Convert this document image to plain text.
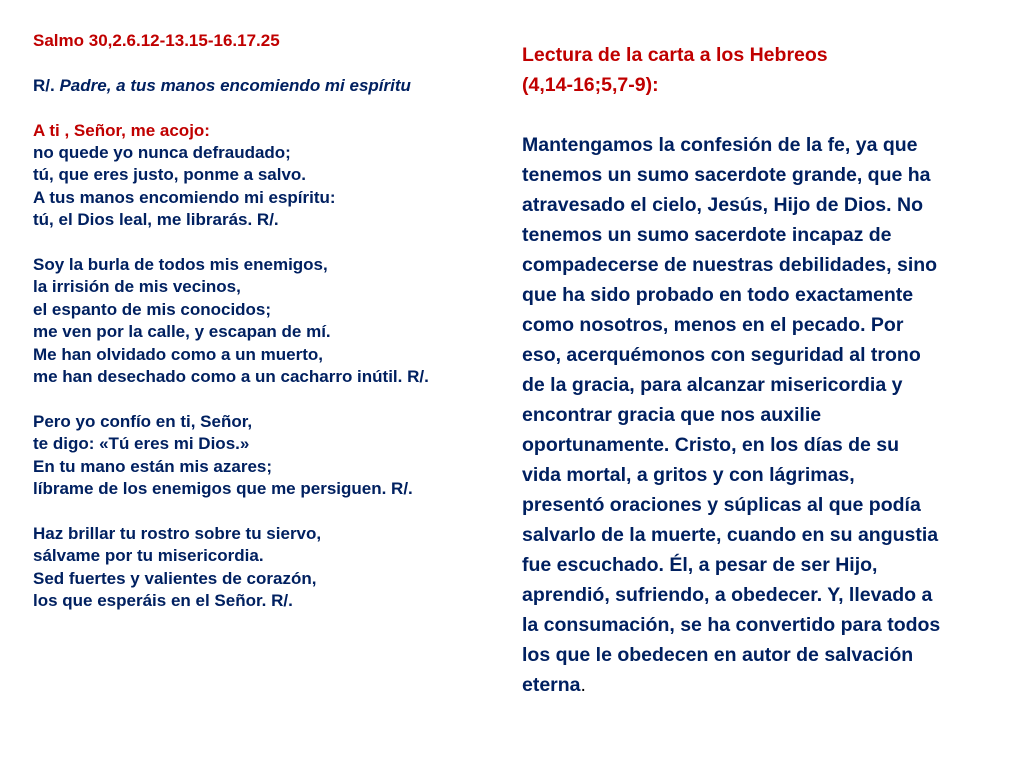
Salmo 30,2.6.12-13.15-16.17.25
R/. Padre, a tus manos encomiendo mi espíritu
A ti , Señor, me acojo:
no quede yo nunca defraudado;
tú, que eres justo, ponme a salvo.
A tus manos encomiendo mi espíritu:
tú, el Dios leal, me librarás. R/.
Soy la burla de todos mis enemigos,
la irrisión de mis vecinos,
el espanto de mis conocidos;
me ven por la calle, y escapan de mí.
Me han olvidado como a un muerto,
me han desechado como a un cacharro inútil. R/.
Pero yo confío en ti, Señor,
te digo: «Tú eres mi Dios.»
En tu mano están mis azares;
líbrame de los enemigos que me persiguen. R/.
Haz brillar tu rostro sobre tu siervo,
sálvame por tu misericordia.
Sed fuertes y valientes de corazón,
los que esperáis en el Señor. R/.
Lectura de la carta a los Hebreos
(4,14-16;5,7-9):
Mantengamos la confesión de la fe, ya que
tenemos un sumo sacerdote grande, que ha
atravesado el cielo, Jesús, Hijo de Dios. No
tenemos un sumo sacerdote incapaz de
compadecerse de nuestras debilidades, sino
que ha sido probado en todo exactamente
como nosotros, menos en el pecado. Por
eso, acerquémonos con seguridad al trono
de la gracia, para alcanzar misericordia y
encontrar gracia que nos auxilie
oportunamente. Cristo, en los días de su
vida mortal, a gritos y con lágrimas,
presentó oraciones y súplicas al que podía
salvarlo de la muerte, cuando en su angustia
fue escuchado. Él, a pesar de ser Hijo,
aprendió, sufriendo, a obedecer. Y, llevado a
la consumación, se ha convertido para todos
los que le obedecen en autor de salvación
eterna.
